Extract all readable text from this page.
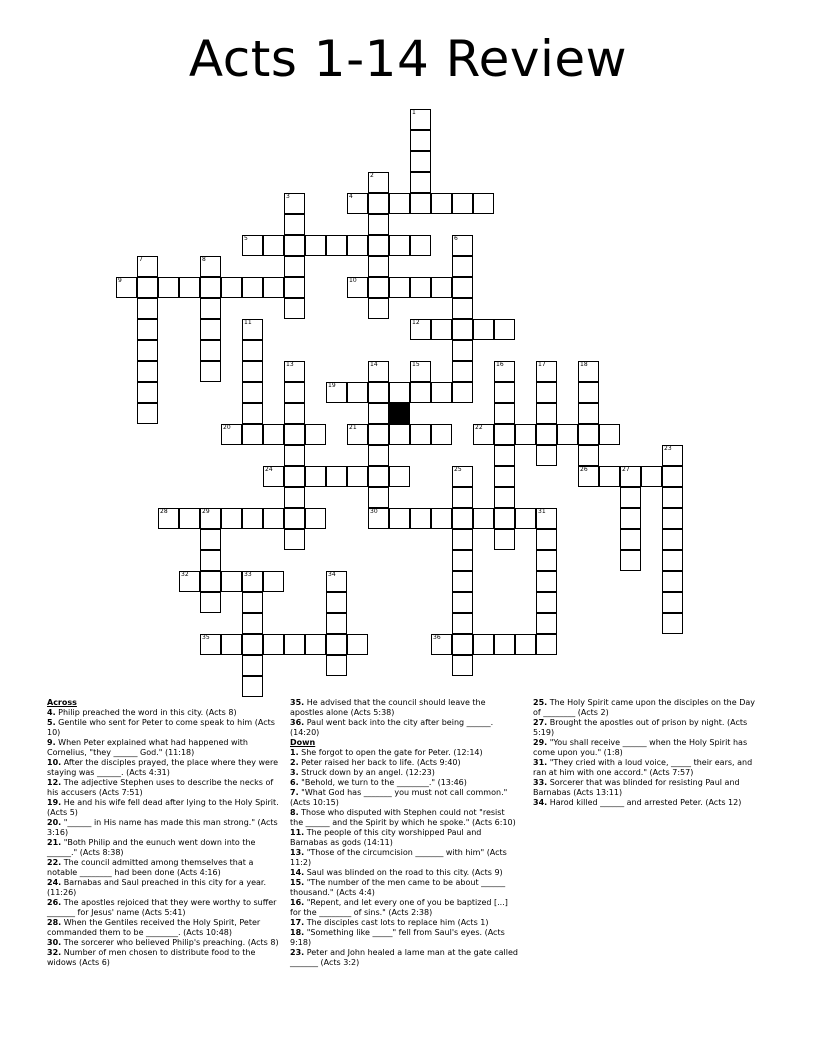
Acts 1-14 Review
1
2
3	4
5	6
7	8
9	10
11	12
13	14
30
15	16	17	18
26
19
20	21	22
23
24	25	27
28	29	31
32	33	34
35	36
Across
4. Philip preached the word in this city. (Acts 8)
5. Gentile who sent for Peter to come speak to him (Acts 10)
9. When Peter explained what had happened with Cornelius, "they ______ God." (11:18)
10. After the disciples prayed, the place where they were staying was ______. (Acts 4:31)
12. The adjective Stephen uses to describe the necks of his accusers (Acts 7:51)
19. He and his wife fell dead after lying to the Holy Spirit. (Acts 5)
20. "______ in His name has made this man strong." (Acts 3:16)
21. "Both Philip and the eunuch went down into the ______." (Acts 8:38)
22. The council admitted among themselves that a notable ________ had been done (Acts 4:16)
24. Barnabas and Saul preached in this city for a year. (11:26)
26. The apostles rejoiced that they were worthy to suffer _______ for Jesus' name (Acts 5:41)
28. When the Gentiles received the Holy Spirit, Peter commanded them to be ________. (Acts 10:48)
30. The sorcerer who believed Philip's preaching. (Acts 8)
32. Number of men chosen to distribute food to the widows (Acts 6)
35. He advised that the council should leave the apostles alone (Acts 5:38)
36. Paul went back into the city after being ______. (14:20)
Down
1. She forgot to open the gate for Peter. (12:14)
2. Peter raised her back to life. (Acts 9:40)
3. Struck down by an angel. (12:23)
6. "Behold, we turn to the ________." (13:46)
7. "What God has _______ you must not call common." (Acts 10:15)
8. Those who disputed with Stephen could not "resist the ______ and the Spirit by which he spoke." (Acts 6:10)
11. The people of this city worshipped Paul and Barnabas as gods (14:11)
13. "Those of the circumcision _______ with him" (Acts 11:2)
14. Saul was blinded on the road to this city. (Acts 9)
15. "The number of the men came to be about ______ thousand." (Acts 4:4)
16. "Repent, and let every one of you be baptized [...] for the ________ of sins." (Acts 2:38)
17. The disciples cast lots to replace him (Acts 1)
18. "Something like _____" fell from Saul's eyes. (Acts 9:18)
23. Peter and John healed a lame man at the gate called _______ (Acts 3:2)
25. The Holy Spirit came upon the disciples on the Day of ________ (Acts 2)
27. Brought the apostles out of prison by night. (Acts 5:19)
29. "You shall receive ______ when the Holy Spirit has come upon you." (1:8)
31. "They cried with a loud voice, _____ their ears, and ran at him with one accord." (Acts 7:57)
33. Sorcerer that was blinded for resisting Paul and Barnabas (Acts 13:11)
34. Harod killed ______ and arrested Peter. (Acts 12)
